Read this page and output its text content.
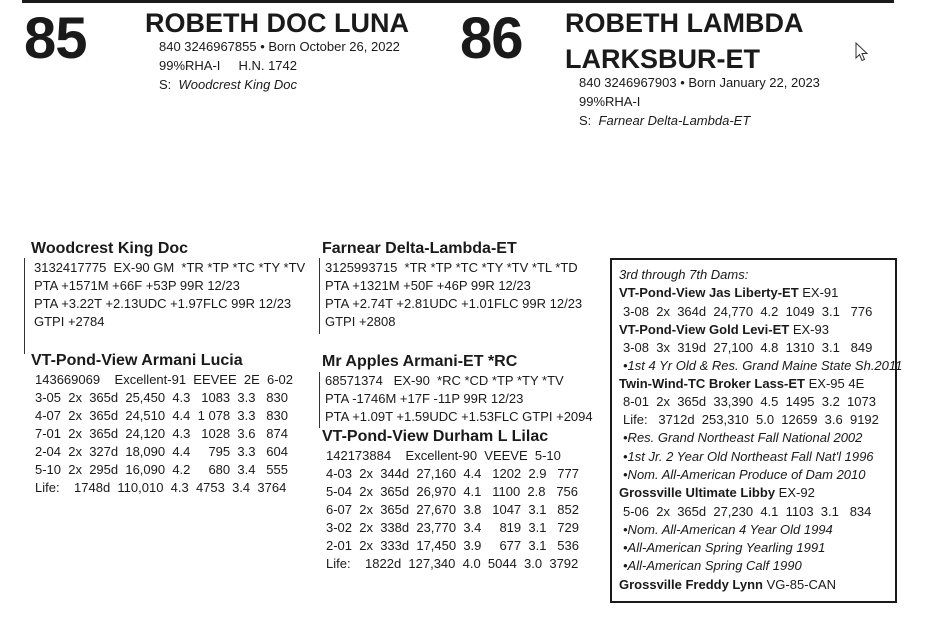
85 ROBETH DOC LUNA
840 3246967855 • Born October 26, 2022
99%RHA-I     H.N. 1742
S: Woodcrest King Doc
86 ROBETH LAMBDA
LARKSBUR-ET
840 3246967903 • Born January 22, 2023
99%RHA-I
S: Farnear Delta-Lambda-ET
Woodcrest King Doc
3132417775  EX-90 GM  *TR *TP *TC *TY *TV
PTA +1571M +66F +53P 99R 12/23
PTA +3.22T +2.13UDC +1.97FLC 99R 12/23
GTPI +2784
VT-Pond-View Armani Lucia
143669069    Excellent-91  EEVEE  2E  6-02
3-05  2x  365d  25,450  4.3   1083  3.3   830
4-07  2x  365d  24,510  4.4  1 078  3.3   830
7-01  2x  365d  24,120  4.3   1028  3.6   874
2-04  2x  327d  18,090  4.4     795  3.3   604
5-10  2x  295d  16,090  4.2     680  3.4   555
Life:    1748d  110,010  4.3  4753  3.4  3764
Farnear Delta-Lambda-ET
3125993715  *TR *TP *TC *TY *TV *TL *TD
PTA +1321M +50F +46P 99R 12/23
PTA +2.74T +2.81UDC +1.01FLC 99R 12/23
GTPI +2808
Mr Apples Armani-ET *RC
68571374   EX-90  *RC *CD *TP *TY *TV
PTA -1746M +17F -11P 99R 12/23
PTA +1.09T +1.59UDC +1.53FLC GTPI +2094
VT-Pond-View Durham L Lilac
142173884    Excellent-90  VEEVE  5-10
4-03  2x  344d  27,160  4.4   1202  2.9   777
5-04  2x  365d  26,970  4.1   1100  2.8   756
6-07  2x  365d  27,670  3.8   1047  3.1   852
3-02  2x  338d  23,770  3.4     819  3.1   729
2-01  2x  333d  17,450  3.9     677  3.1   536
Life:    1822d  127,340  4.0  5044  3.0  3792
3rd through 7th Dams:
VT-Pond-View Jas Liberty-ET EX-91
3-08  2x  364d  24,770  4.2  1049  3.1   776
VT-Pond-View Gold Levi-ET EX-93
3-08  3x  319d  27,100  4.8  1310  3.1   849
•1st 4 Yr Old & Res. Grand Maine State Sh.2011
Twin-Wind-TC Broker Lass-ET EX-95 4E
8-01  2x  365d  33,390  4.5  1495  3.2  1073
Life:   3712d  253,310  5.0  12659  3.6  9192
•Res. Grand Northeast Fall National 2002
•1st Jr. 2 Year Old Northeast Fall Nat'l 1996
•Nom. All-American Produce of Dam 2010
Grossville Ultimate Libby EX-92
5-06  2x  365d  27,230  4.1  1103  3.1   834
•Nom. All-American 4 Year Old 1994
•All-American Spring Yearling 1991
•All-American Spring Calf 1990
Grossville Freddy Lynn VG-85-CAN
